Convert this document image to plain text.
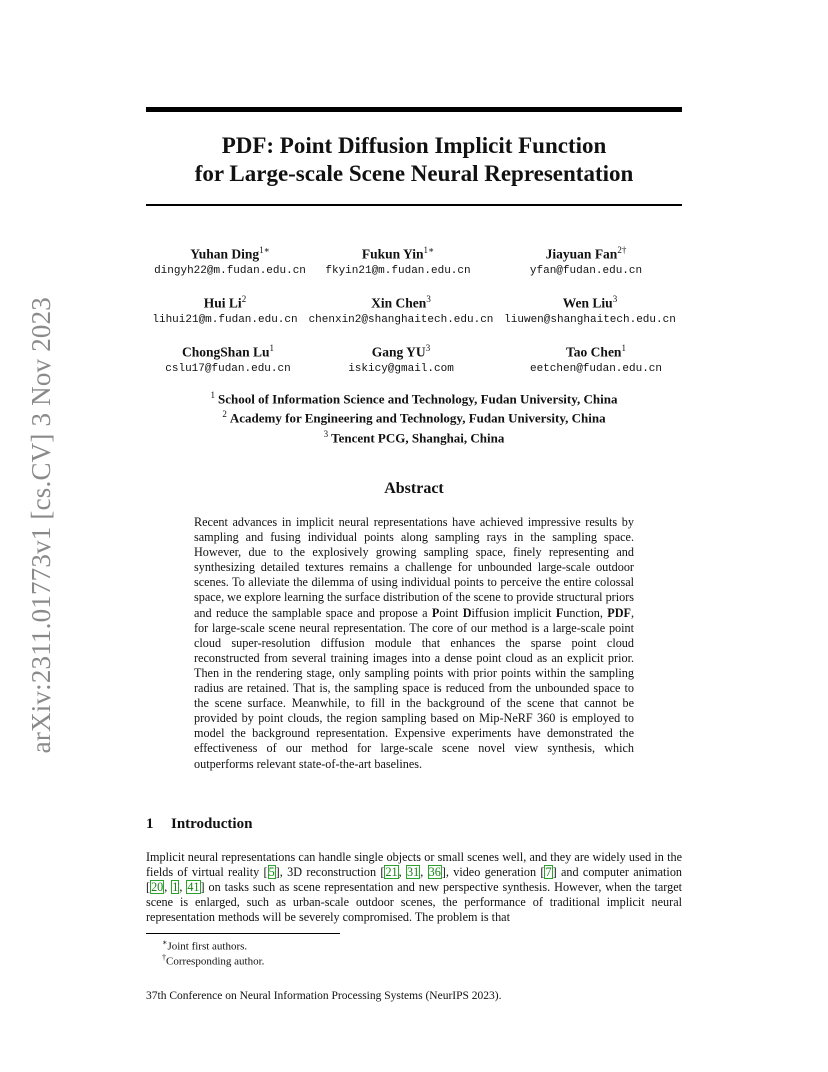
arXiv:2311.01773v1 [cs.CV] 3 Nov 2023
PDF: Point Diffusion Implicit Function
for Large-scale Scene Neural Representation
Yuhan Ding$^{1∗}$
dingyh22@m.fudan.edu.cn
Fukun Yin$^{1∗}$
fkyin21@m.fudan.edu.cn
Jiayuan Fan$^{2\dagger}$
yfan@fudan.edu.cn
Hui Li$^2$
lihui21@m.fudan.edu.cn
Xin Chen$^3$
chenxin2@shanghaitech.edu.cn
Wen Liu$^3$
liuwen@shanghaitech.edu.cn
ChongShan Lu$^1$
cslu17@fudan.edu.cn
Gang $YU^3$
iskicy@gmail.com
Tao Chen$^1$
eetchen@fudan.edu.cn
$^1$ School of Information Science and Technology, Fudan University, China
$^2$ Academy for Engineering and Technology, Fudan University, China
$^3$ Tencent PCG, Shanghai, China
Abstract
Recent advances in implicit neural representations have achieved impressive results by sampling and fusing individual points along sampling rays in the sampling space. However, due to the explosively growing sampling space, finely representing and synthesizing detailed textures remains a challenge for unbounded large-scale outdoor scenes. To alleviate the dilemma of using individual points to perceive the entire colossal space, we explore learning the surface distribution of the scene to provide structural priors and reduce the samplable space and propose a Point Diffusion implicit Function, PDF, for large-scale scene neural representation. The core of our method is a large-scale point cloud super-resolution diffusion module that enhances the sparse point cloud reconstructed from several training images into a dense point cloud as an explicit prior. Then in the rendering stage, only sampling points with prior points within the sampling radius are retained. That is, the sampling space is reduced from the unbounded space to the scene surface. Meanwhile, to fill in the background of the scene that cannot be provided by point clouds, the region sampling based on Mip-NeRF 360 is employed to model the background representation. Expensive experiments have demonstrated the effectiveness of our method for large-scale scene novel view synthesis, which outperforms relevant state-of-the-art baselines.
1 Introduction
Implicit neural representations can handle single objects or small scenes well, and they are widely used in the fields of virtual reality [5], 3D reconstruction [21, 31, 36], video generation [7] and computer animation [20, 1, 41] on tasks such as scene representation and new perspective synthesis. However, when the target scene is enlarged, such as urban-scale outdoor scenes, the performance of traditional implicit neural representation methods will be severely compromised. The problem is that
∗Joint first authors.
†Corresponding author.
37th Conference on Neural Information Processing Systems (NeurIPS 2023).
